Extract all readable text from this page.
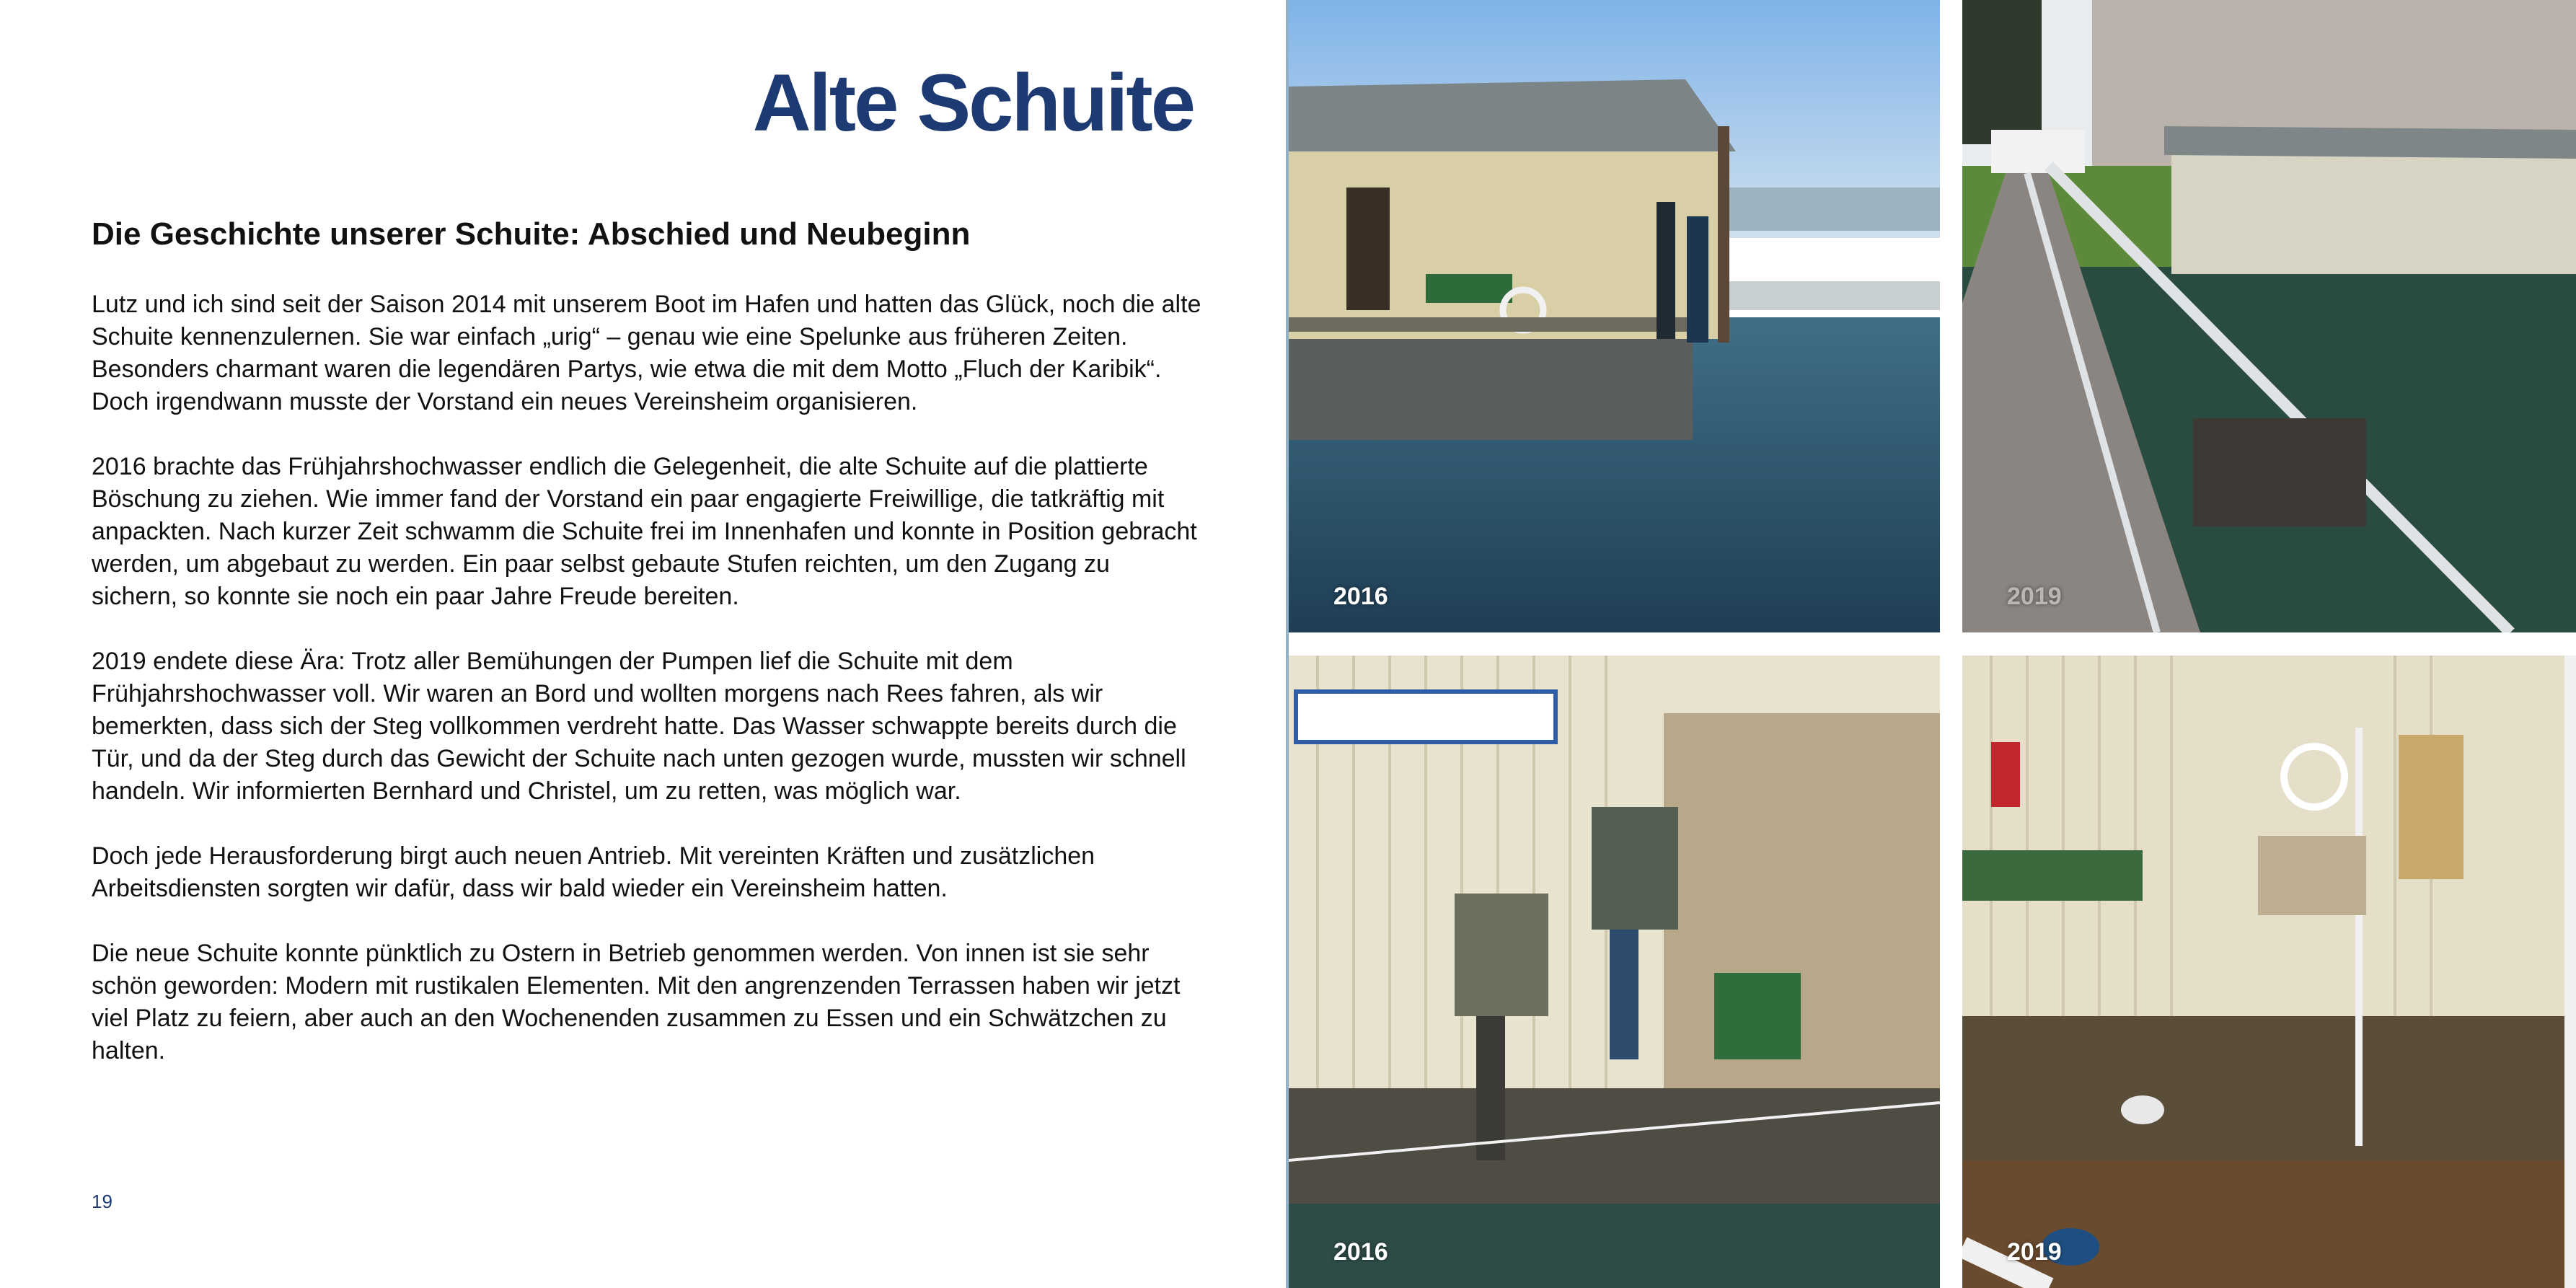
Alte Schuite
Die Geschichte unserer Schuite: Abschied und Neubeginn

Lutz und ich sind seit der Saison 2014 mit unserem Boot im Hafen und hatten das Glück, noch die alte Schuite kennenzulernen. Sie war einfach „urig“ – genau wie eine Spelunke aus früheren Zeiten. Besonders charmant waren die legendären Partys, wie etwa die mit dem Motto „Fluch der Karibik“. Doch irgendwann musste der Vorstand ein neues Vereinsheim organisieren.

2016 brachte das Frühjahrshochwasser endlich die Gelegenheit, die alte Schuite auf die plattierte Böschung zu ziehen. Wie immer fand der Vorstand ein paar engagierte Freiwillige, die tatkräftig mit anpackten. Nach kurzer Zeit schwamm die Schuite frei im Innenhafen und konnte in Position gebracht werden, um abgebaut zu werden. Ein paar selbst gebaute Stufen reichten, um den Zugang zu sichern, so konnte sie noch ein paar Jahre Freude bereiten.

2019 endete diese Ära: Trotz aller Bemühungen der Pumpen lief die Schuite mit dem Frühjahrshochwasser voll. Wir waren an Bord und wollten morgens nach Rees fahren, als wir bemerkten, dass sich der Steg vollkommen verdreht hatte. Das Wasser schwappte bereits durch die Tür, und da der Steg durch das Gewicht der Schuite nach unten gezogen wurde, mussten wir schnell handeln. Wir informierten Bernhard und Christel, um zu retten, was möglich war.

Doch jede Herausforderung birgt auch neuen Antrieb. Mit vereinten Kräften und zusätzlichen Arbeitsdiensten sorgten wir dafür, dass wir bald wieder ein Vereinsheim hatten.

Die neue Schuite konnte pünktlich zu Ostern in Betrieb genommen werden. Von innen ist sie sehr schön geworden: Modern mit rustikalen Elementen. Mit den angrenzenden Terrassen haben wir jetzt viel Platz zu feiern, aber auch an den Wochenenden zusammen zu Essen und ein Schwätzchen zu halten.

19
2016	2019
2016	2019
